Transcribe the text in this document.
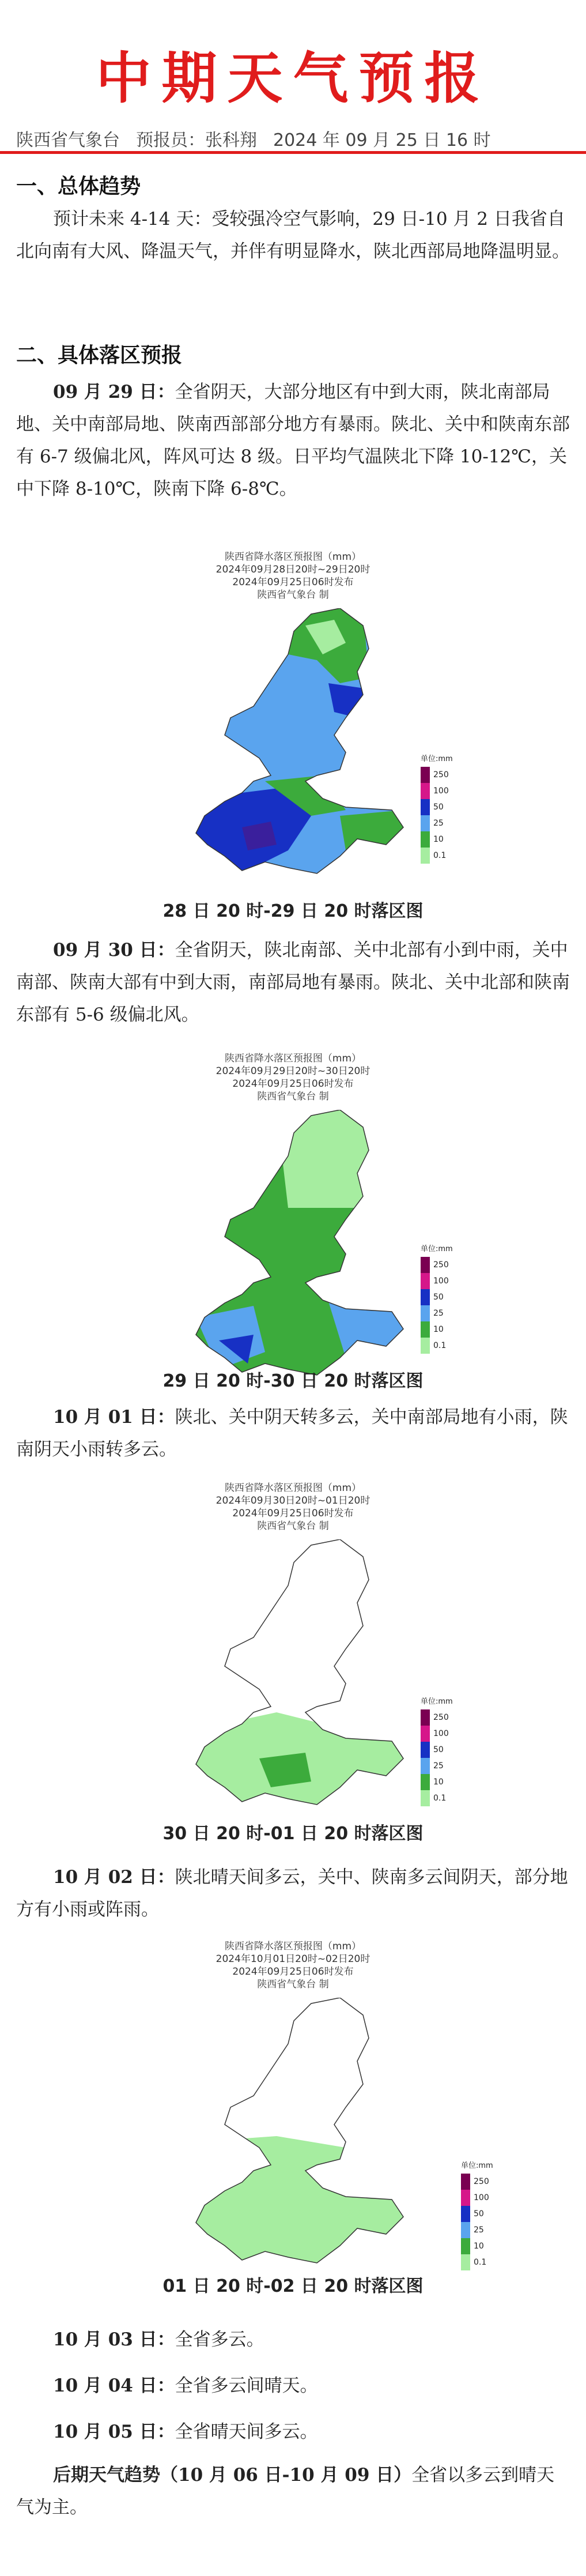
中期天气预报
陕西省气象台 预报员：张科翔 2024 年 09 月 25 日 16 时
一、总体趋势
预计未来 4-14 天：受较强冷空气影响，29 日-10 月 2 日我省自北向南有大风、降温天气，并伴有明显降水，陕北西部局地降温明显。
二、具体落区预报
09 月 29 日：全省阴天，大部分地区有中到大雨，陕北南部局地、关中南部局地、陕南西部部分地方有暴雨。陕北、关中和陕南东部有 6-7 级偏北风，阵风可达 8 级。日平均气温陕北下降 10-12℃，关中下降 8-10℃，陕南下降 6-8℃。
陕西省降水落区预报图（mm）
2024年09月28日20时~29日20时
2024年09月25日06时发布
陕西省气象台 制
单位:mm
250
100
50
25
10
0.1
28 日 20 时-29 日 20 时落区图
09 月 30 日：全省阴天，陕北南部、关中北部有小到中雨，关中南部、陕南大部有中到大雨，南部局地有暴雨。陕北、关中北部和陕南东部有 5-6 级偏北风。
陕西省降水落区预报图（mm）
2024年09月29日20时~30日20时
2024年09月25日06时发布
陕西省气象台 制
单位:mm
250
100
50
25
10
0.1
29 日 20 时-30 日 20 时落区图
10 月 01 日：陕北、关中阴天转多云，关中南部局地有小雨，陕南阴天小雨转多云。
陕西省降水落区预报图（mm）
2024年09月30日20时~01日20时
2024年09月25日06时发布
陕西省气象台 制
单位:mm
250
100
50
25
10
0.1
30 日 20 时-01 日 20 时落区图
10 月 02 日：陕北晴天间多云，关中、陕南多云间阴天，部分地方有小雨或阵雨。
陕西省降水落区预报图（mm）
2024年10月01日20时~02日20时
2024年09月25日06时发布
陕西省气象台 制
单位:mm
250
100
50
25
10
0.1
01 日 20 时-02 日 20 时落区图
10 月 03 日：全省多云。
10 月 04 日：全省多云间晴天。
10 月 05 日：全省晴天间多云。
后期天气趋势（10 月 06 日-10 月 09 日）全省以多云到晴天气为主。
